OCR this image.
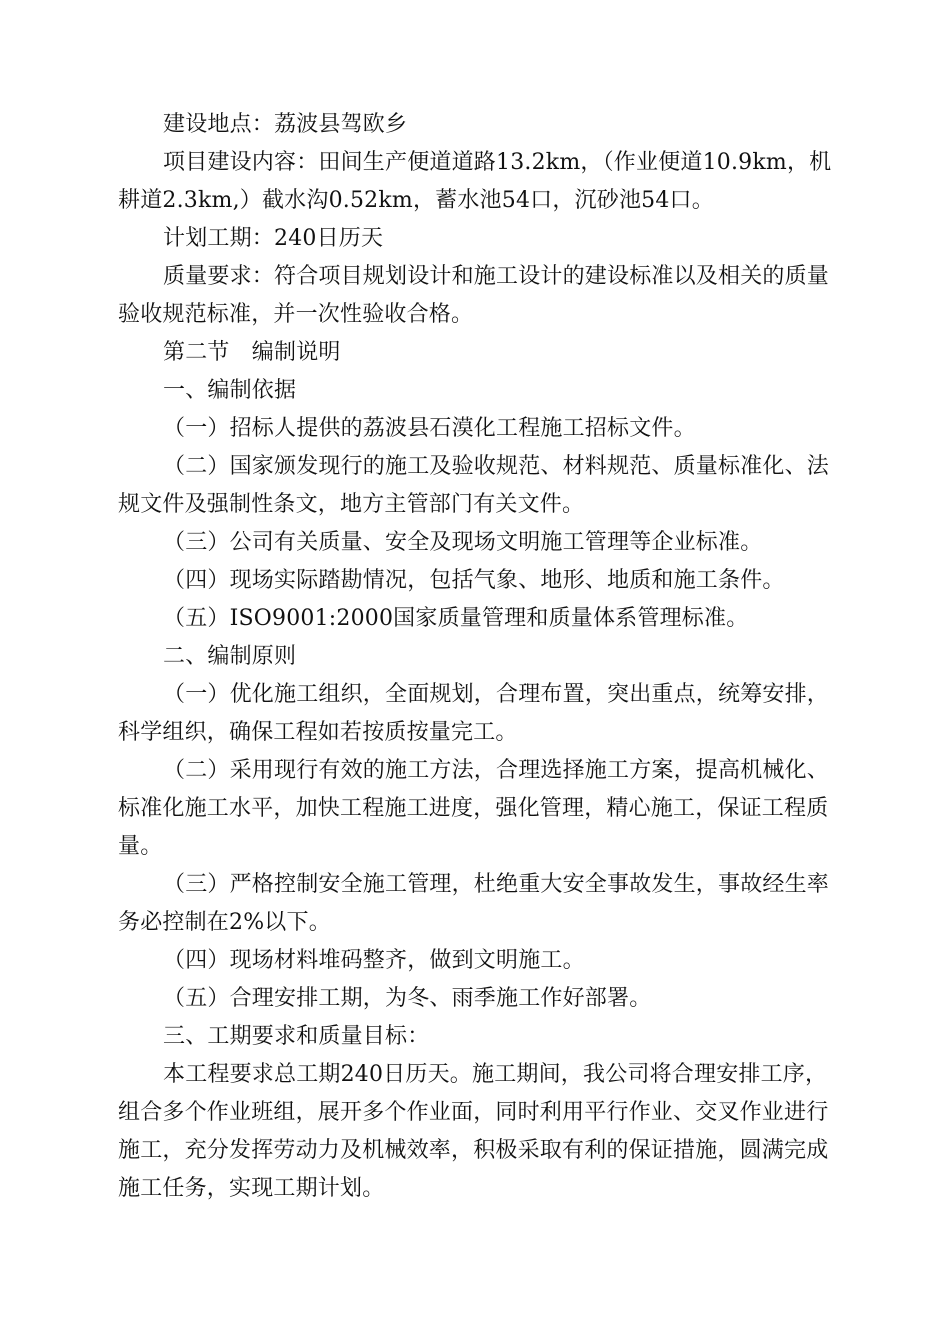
建设地点：荔波县驾欧乡
项目建设内容：田间生产便道道路13.2km，（作业便道10.9km，机
耕道2.3km,）截水沟0.52km，蓄水池54口，沉砂池54口。
计划工期：240日历天
质量要求：符合项目规划设计和施工设计的建设标准以及相关的质量
验收规范标准，并一次性验收合格。
第二节　编制说明
一、编制依据
（一）招标人提供的荔波县石漠化工程施工招标文件。
（二）国家颁发现行的施工及验收规范、材料规范、质量标准化、法
规文件及强制性条文，地方主管部门有关文件。
（三）公司有关质量、安全及现场文明施工管理等企业标准。
（四）现场实际踏勘情况，包括气象、地形、地质和施工条件。
（五）ISO9001:2000国家质量管理和质量体系管理标准。
二、编制原则
（一）优化施工组织，全面规划，合理布置，突出重点，统筹安排，
科学组织，确保工程如若按质按量完工。
（二）采用现行有效的施工方法，合理选择施工方案，提高机械化、
标准化施工水平，加快工程施工进度，强化管理，精心施工，保证工程质
量。
（三）严格控制安全施工管理，杜绝重大安全事故发生，事故经生率
务必控制在2%以下。
（四）现场材料堆码整齐，做到文明施工。
（五）合理安排工期，为冬、雨季施工作好部署。
三、工期要求和质量目标：
本工程要求总工期240日历天。施工期间，我公司将合理安排工序，
组合多个作业班组，展开多个作业面，同时利用平行作业、交叉作业进行
施工，充分发挥劳动力及机械效率，积极采取有利的保证措施，圆满完成
施工任务，实现工期计划。
